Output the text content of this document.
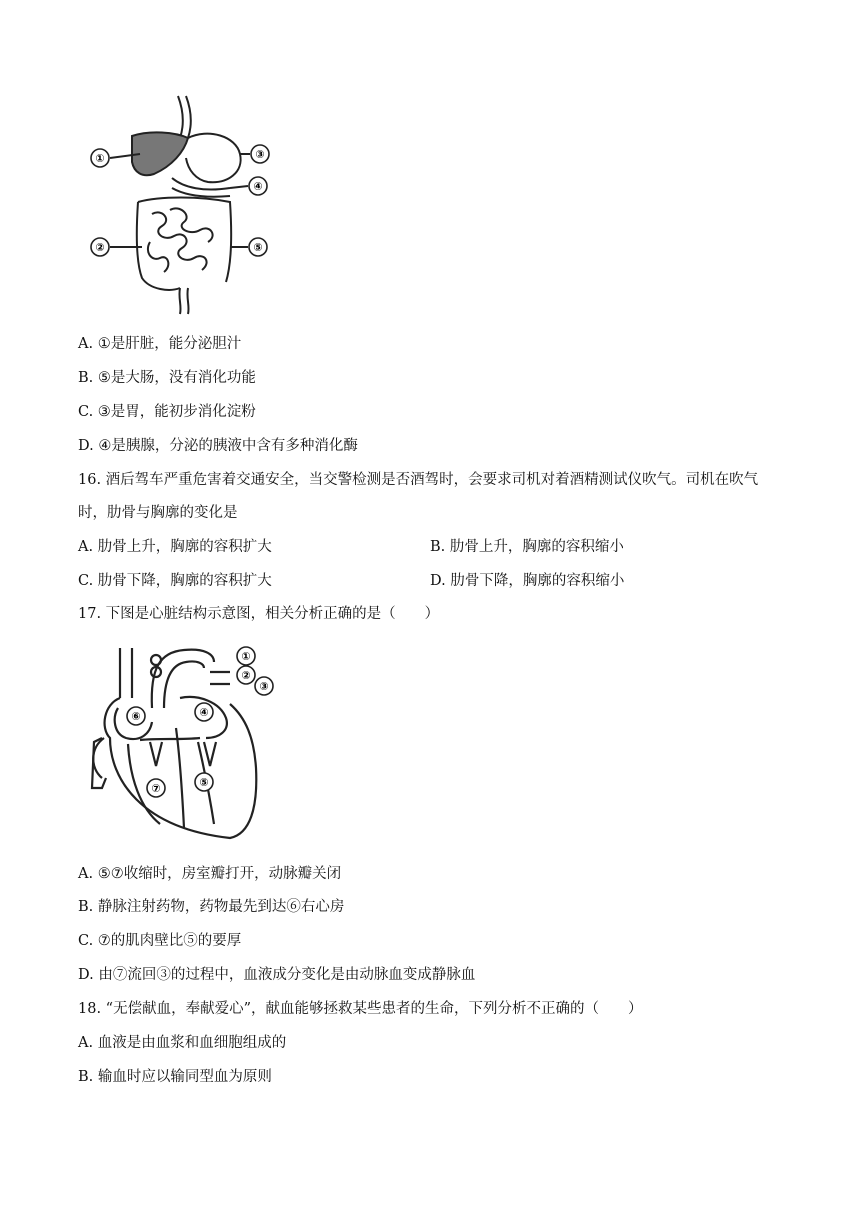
①
②
③
④
⑤
A. ①是肝脏，能分泌胆汁
B. ⑤是大肠，没有消化功能
C. ③是胃，能初步消化淀粉
D. ④是胰腺，分泌的胰液中含有多种消化酶
16. 酒后驾车严重危害着交通安全，当交警检测是否酒驾时，会要求司机对着酒精测试仪吹气。司机在吹气
时，肋骨与胸廓的变化是
A. 肋骨上升，胸廓的容积扩大	B. 肋骨上升，胸廓的容积缩小
C. 肋骨下降，胸廓的容积扩大	D. 肋骨下降，胸廓的容积缩小
17. 下图是心脏结构示意图，相关分析正确的是（　　）
①
②
③
④
⑤
⑥
⑦
A. ⑤⑦收缩时，房室瓣打开，动脉瓣关闭
B. 静脉注射药物，药物最先到达⑥右心房
C. ⑦的肌肉壁比⑤的要厚
D. 由⑦流回③的过程中，血液成分变化是由动脉血变成静脉血
18. “无偿献血，奉献爱心”，献血能够拯救某些患者的生命，下列分析不正确的（　　）
A. 血液是由血浆和血细胞组成的
B. 输血时应以输同型血为原则
